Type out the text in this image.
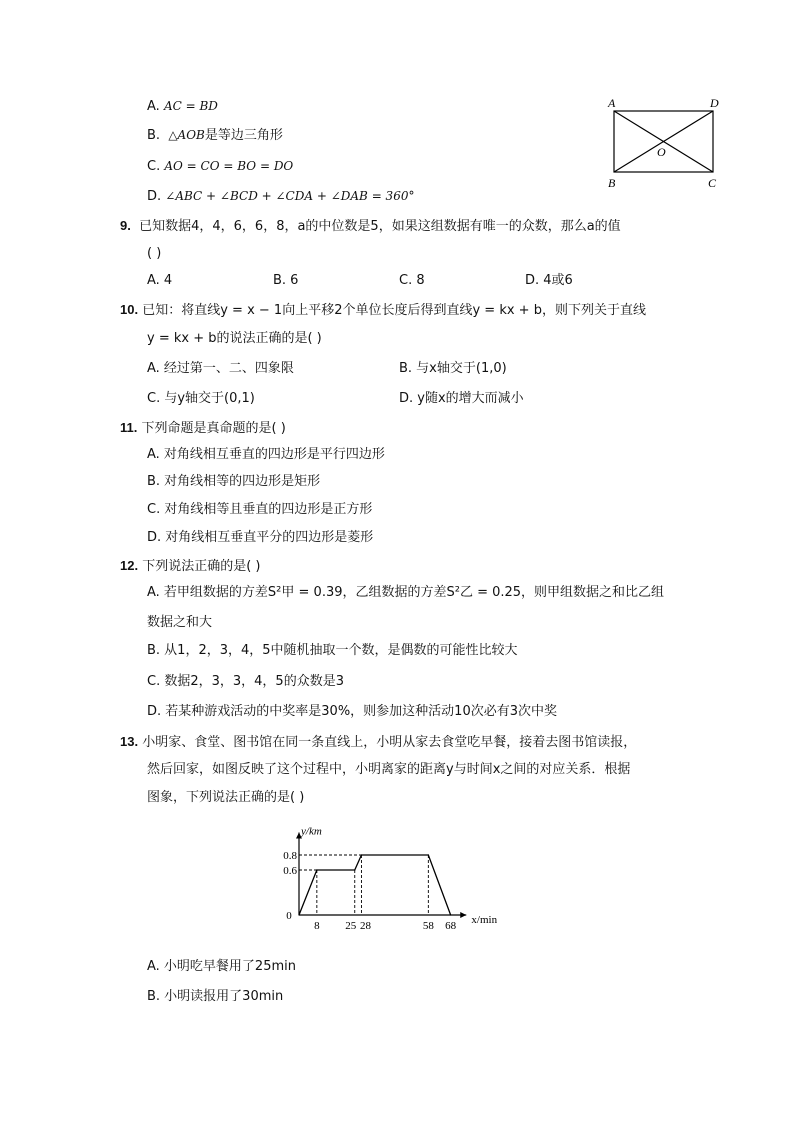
A. AC = BD
B. △AOB是等边三角形
C. AO = CO = BO = DO
D. ∠ABC + ∠BCD + ∠CDA + ∠DAB = 360°
A	D
B	C
O
9. 已知数据4，4，6，6，8，a的中位数是5，如果这组数据有唯一的众数，那么a的值
( )
A. 4	B. 6	C. 8	D. 4或6
10. 已知：将直线y = x − 1向上平移2个单位长度后得到直线y = kx + b，则下列关于直线
y = kx + b的说法正确的是( )
A. 经过第一、二、四象限	B. 与x轴交于(1,0)
C. 与y轴交于(0,1)	D. y随x的增大而减小
11. 下列命题是真命题的是( )
A. 对角线相互垂直的四边形是平行四边形
B. 对角线相等的四边形是矩形
C. 对角线相等且垂直的四边形是正方形
D. 对角线相互垂直平分的四边形是菱形
12. 下列说法正确的是( )
A. 若甲组数据的方差S²甲 = 0.39，乙组数据的方差S²乙 = 0.25，则甲组数据之和比乙组
数据之和大
B. 从1，2，3，4，5中随机抽取一个数，是偶数的可能性比较大
C. 数据2，3，3，4，5的众数是3
D. 若某种游戏活动的中奖率是30%，则参加这种活动10次必有3次中奖
13. 小明家、食堂、图书馆在同一条直线上，小明从家去食堂吃早餐，接着去图书馆读报，
然后回家，如图反映了这个过程中，小明离家的距离y与时间x之间的对应关系．根据
图象，下列说法正确的是( )
y/km
x/min
0
8 25 28	58 68
0.6
0.8
A. 小明吃早餐用了25min
B. 小明读报用了30min
